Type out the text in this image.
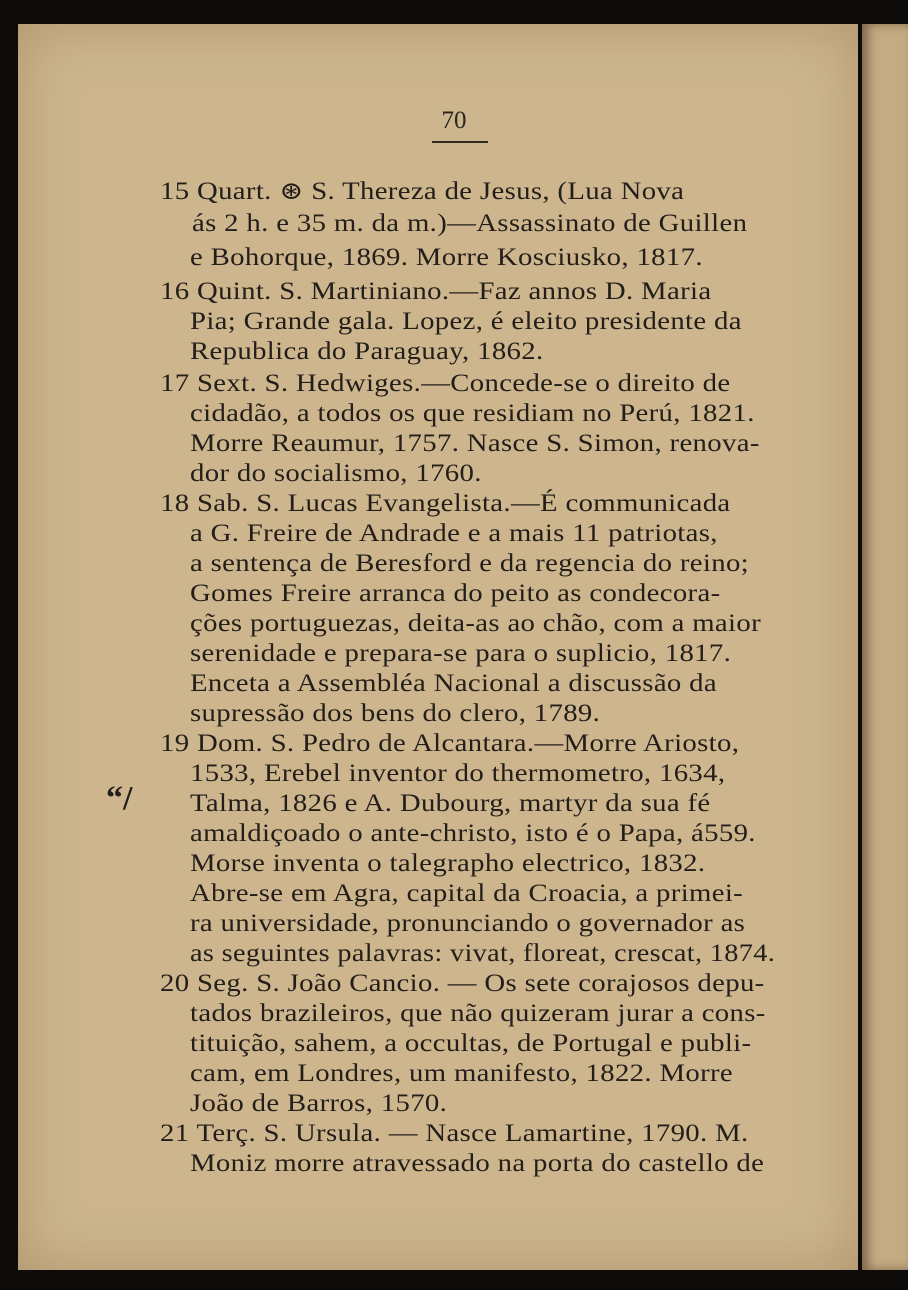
70
“/
15 Quart. ⊛ S. Thereza de Jesus, (Lua Nova
ás 2 h. e 35 m. da m.)—Assassinato de Guillen
e Bohorque, 1869. Morre Kosciusko, 1817.
16 Quint. S. Martiniano.—Faz annos D. Maria
Pia; Grande gala. Lopez, é eleito presidente da
Republica do Paraguay, 1862.
17 Sext. S. Hedwiges.—Concede-se o direito de
cidadão, a todos os que residiam no Perú, 1821.
Morre Reaumur, 1757. Nasce S. Simon, renova-
dor do socialismo, 1760.
18 Sab. S. Lucas Evangelista.—É communicada
a G. Freire de Andrade e a mais 11 patriotas,
a sentença de Beresford e da regencia do reino;
Gomes Freire arranca do peito as condecora-
ções portuguezas, deita-as ao chão, com a maior
serenidade e prepara-se para o suplicio, 1817.
Enceta a Assembléa Nacional a discussão da
supressão dos bens do clero, 1789.
19 Dom. S. Pedro de Alcantara.—Morre Ariosto,
1533, Erebel inventor do thermometro, 1634,
Talma, 1826 e A. Dubourg, martyr da sua fé
amaldiçoado o ante-christo, isto é o Papa, á559.
Morse inventa o talegrapho electrico, 1832.
Abre-se em Agra, capital da Croacia, a primei-
ra universidade, pronunciando o governador as
as seguintes palavras: vivat, floreat, crescat, 1874.
20 Seg. S. João Cancio. — Os sete corajosos depu-
tados brazileiros, que não quizeram jurar a cons-
tituição, sahem, a occultas, de Portugal e publi-
cam, em Londres, um manifesto, 1822. Morre
João de Barros, 1570.
21 Terç. S. Ursula. — Nasce Lamartine, 1790. M.
Moniz morre atravessado na porta do castello de
